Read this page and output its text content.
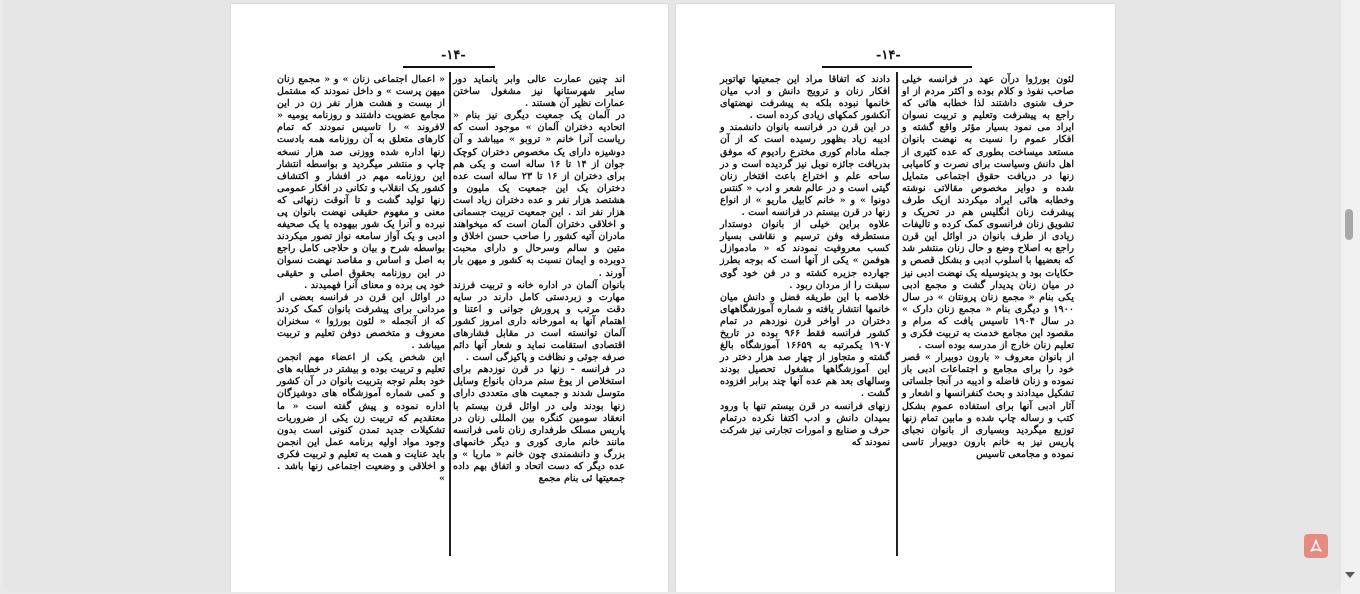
-۱۴-

اند چنین عمارت عالی وابر یانماید دور سایر شهرستانها نیز مشغول ساختن عمارات نظیر آن هستند .

در آلمان یک جمعیت دیگری نیز بنام « اتحادیه دختران آلمان » موجود است که ریاست آنرا خانم « تروبو » میباشد و آن دوشیزه دارای یک مخصوص دختران کوچک جوان از ۱۴ تا ۱۶ ساله است و یکی هم برای دختران از ۱۶ تا ۲۳ ساله است عده دختران یک این جمعیت یک ملیون و هشتصد هزار نفر و عده دختران زیاد است هزار نفر اند . این جمعیت تربیت جسمانی و اخلاقی دختران آلمان است که میخواهند مادران آتیه کشور را صاحب حسن اخلاق و متین و سالم وسرحال و دارای محبت دوبرده و ایمان نسبت به کشور و میهن بار آورند .

بانوان آلمان در اداره خانه و تربیت فرزند مهارت و زبردستی کامل دارند در سایه دقت مرتب و پرورش جوانی و اعتنا و اهتمام آنها به امورخانه داری امروز کشور آلمان توانسته است در مقابل فشارهای اقتصادی استقامت نماید و شعار آنها دائم صرفه جوئی و نظافت و پاکیزگی است .

در فرانسه - زنها در قرن نوزدهم برای استخلاص از یوغ ستم مردان بانواع وسایل متوسل شدند و جمعیت های متعددی دارای زنها بودند ولی در اوائل قرن بیستم با انعقاد سومین کنگره بین المللی زنان در پاریس مسلک طرفداری زنان نامی فرانسه مانند خانم ماری کوری و دیگر خانمهای بزرگ و دانشمندی چون خانم « ماریا » و عده دیگر که دست اتحاد و اتفاق بهم داده جمعیتها ئی بنام مجمع

« اعمال اجتماعی زنان » و « مجمع زنان میهن پرست » و داخل نمودند که مشتمل از بیست و هشت هزار نفر زن در این مجامع عضویت داشتند و روزنامه یومیه « لافروند » را تاسیس نمودند که تمام کارهای متعلق به آن روزنامه همه بادست زنها اداره شده ووزنی صد هزار نسخه چاپ و منتشر میگردید و بواسطه انتشار این روزنامه مهم در افشار و اکتشاف کشور یک انقلاب و تکانی در افکار عمومی زنها تولید گشت و تا آنوقت زنهائی که معنی و مفهوم حقیقی نهضت بانوان پی نبرده و آنرا یک شور بیهوده یا یک صحیفه ادبی و یک آواز سامعه نواز تصور میکردند بواسطه شرح و بیان و حلاجی کامل راجع به اصل و اساس و مقاصد نهضت نسوان در این روزنامه بحقوق اصلی و حقیقی خود پی برده و معنای آنرا فهمیدند .

در اوائل این قرن در فرانسه بعضی از مردانی برای پیشرفت بانوان کمک کردند که از آنجمله « لئون بورژوا » سخنران معروف و متخصص دوفن تعلیم و تربیت میباشد .

این شخص یکی از اعضاء مهم انجمن تعلیم و تربیت بوده و بیشتر در خطابه های خود بعلم توجه بتربیت بانوان در آن کشور و کمی شماره آموزشگاه های دوشیزگان اداره نموده و پیش گفته است « ما معتقدیم که تربیت زن یکی از ضروریات تشکیلات جدید تمدن کنونی است بدون وجود مواد اولیه برنامه عمل این انجمن باید عنایت و همت به تعلیم و تربیت فکری و اخلاقی و وضعیت اجتماعی زنها باشد . »

-۱۴-

دادند که اتفاقا مراد این جمعیتها تهاتوبر افکار زنان و ترویج دانش و ادب میان خانمها نبوده بلکه به پیشرفت نهضتهای آنکشور کمکهای زیادی کرده است .

در این قرن در فرانسه بانوان دانشمند و ادیبه زیاد بظهور رسیده است که از آن جمله مادام کوری مخترع رادیوم که موفق بدریافت جائزه نوبل نیز گردیده است و در ساحه علم و اختراع باعث افتخار زنان گیتی است و در عالم شعر و ادب « کنتس دونوا » و « خانم کابیل ماریو » از انواع زنها در قرن بیستم در فرانسه است .

علاوه براین خیلی از بانوان دوستدار مستطرفه وفن ترسیم و نقاشی بسیار کسب معروفیت نمودند که « مادموازل هوفمن » یکی از آنها است که بوجه بطرز جهارده جزیره کشته و در فن خود گوی سبقت را از مردان ربود .

خلاصه با این طریقه فضل و دانش میان خانمها انتشار یافته و شماره آموزشگاههای دختران در اواخر قرن نوزدهم در تمام کشور فرانسه فقط ۹۶۶ بوده در تاریخ ۱۹۰۷ یکمرتبه به ۱۶۶۵۹ آموزشگاه بالغ گشته و متجاوز از چهار صد هزار دختر در این آموزشگاهها مشغول تحصیل بودند وسالهای بعد هم عده آنها چند برابر افزوده گشت .

زنهای فرانسه در قرن بیستم تنها با ورود بمیدان دانش و ادب اکتفا نکرده درتمام حرف و صنایع و امورات تجارتی نیز شرکت نمودند که

لئون بورژوا درآن عهد در فرانسه خیلی صاحب نفوذ و کلام بوده و اکثر مردم از او حرف شنوی داشتند لذا خطابه هائی که راجع به پیشرفت وتعلیم و تربیت نسوان ایراد می نمود بسیار مؤثر واقع گشته و افکار عموم را نسبت به نهضت بانوان مستعد میساخت بطوری که عده کثیری از اهل دانش وسیاست برای نصرت و کامیابی زنها در دریافت حقوق اجتماعی متمایل شده و دوایر مخصوص مقالاتی نوشته وخطابه هائی ایراد میکردند ازیک طرف پیشرفت زنان انگلیس هم در تحریک و تشویق زنان فرانسوی کمک کرده و تالیفات زیادی از طرف بانوان در اوائل این قرن راجع به اصلاح وضع و حال زنان منتشر شد که بعضیها با اسلوب ادبی و بشکل قصص و حکایات بود و بدینوسیله یک نهضت ادبی نیز در میان زنان پدیدار گشت و مجمع ادبی یکی بنام « مجمع زنان پرونتان » در سال ۱۹۰۰ و دیگری بنام « مجمع زنان دارک » در سال ۱۹۰۴ تاسیس یافت که مرام و مقصود این مجامع خدمت به تربیت فکری و تعلیم زنان خارج از مدرسه بوده است .

از بانوان معروف « بارون دوبیرار » قصر خود را برای مجامع و اجتماعات ادبی باز نموده و زنان فاضله و ادیبه در آنجا جلساتی تشکیل میدادند و بحث کنفرانسها و اشعار و آثار ادبی آنها برای استفاده عموم بشکل کتب و رساله چاپ شده و مابین تمام زنها توزیع میگردید وبسیاری از بانوان نجبای پاریس نیز به خانم بارون دوبیرار تاسی نموده و مجامعی تاسیس
